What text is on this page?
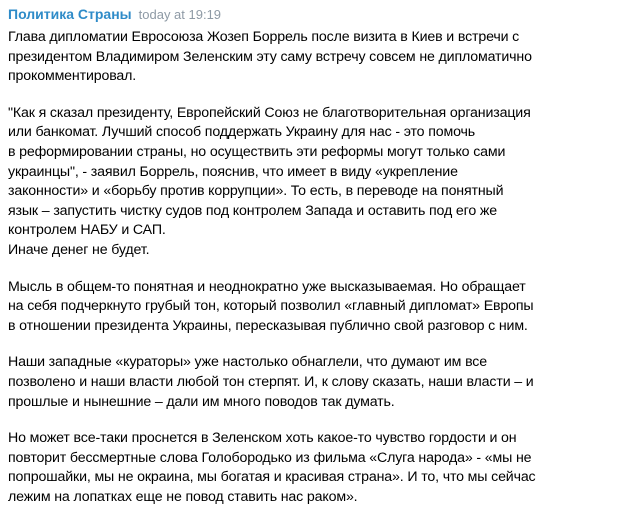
Политика Страны today at 19:19

Глава дипломатии Евросоюза Жозеп Боррель после визита в Киев и встречи с
президентом Владимиром Зеленским эту саму встречу совсем не дипломатично
прокомментировал.

"Как я сказал президенту, Европейский Союз не благотворительная организация
или банкомат. Лучший способ поддержать Украину для нас - это помочь
в реформировании страны, но осуществить эти реформы могут только сами
украинцы", - заявил Боррель, пояснив, что имеет в виду «укрепление
законности» и «борьбу против коррупции». То есть, в переводе на понятный
язык – запустить чистку судов под контролем Запада и оставить под его же
контролем НАБУ и САП.
Иначе денег не будет.

Мысль в общем-то понятная и неоднократно уже высказываемая. Но обращает
на себя подчеркнуто грубый тон, который позволил «главный дипломат» Европы
в отношении президента Украины, пересказывая публично свой разговор с ним.

Наши западные «кураторы» уже настолько обнаглели, что думают им все
позволено и наши власти любой тон стерпят. И, к слову сказать, наши власти – и
прошлые и нынешние – дали им много поводов так думать.

Но может все-таки проснется в Зеленском хоть какое-то чувство гордости и он
повторит бессмертные слова Голобородько из фильма «Слуга народа» - «мы не
попрошайки, мы не окраина, мы богатая и красивая страна». И то, что мы сейчас
лежим на лопатках еще не повод ставить нас раком».
